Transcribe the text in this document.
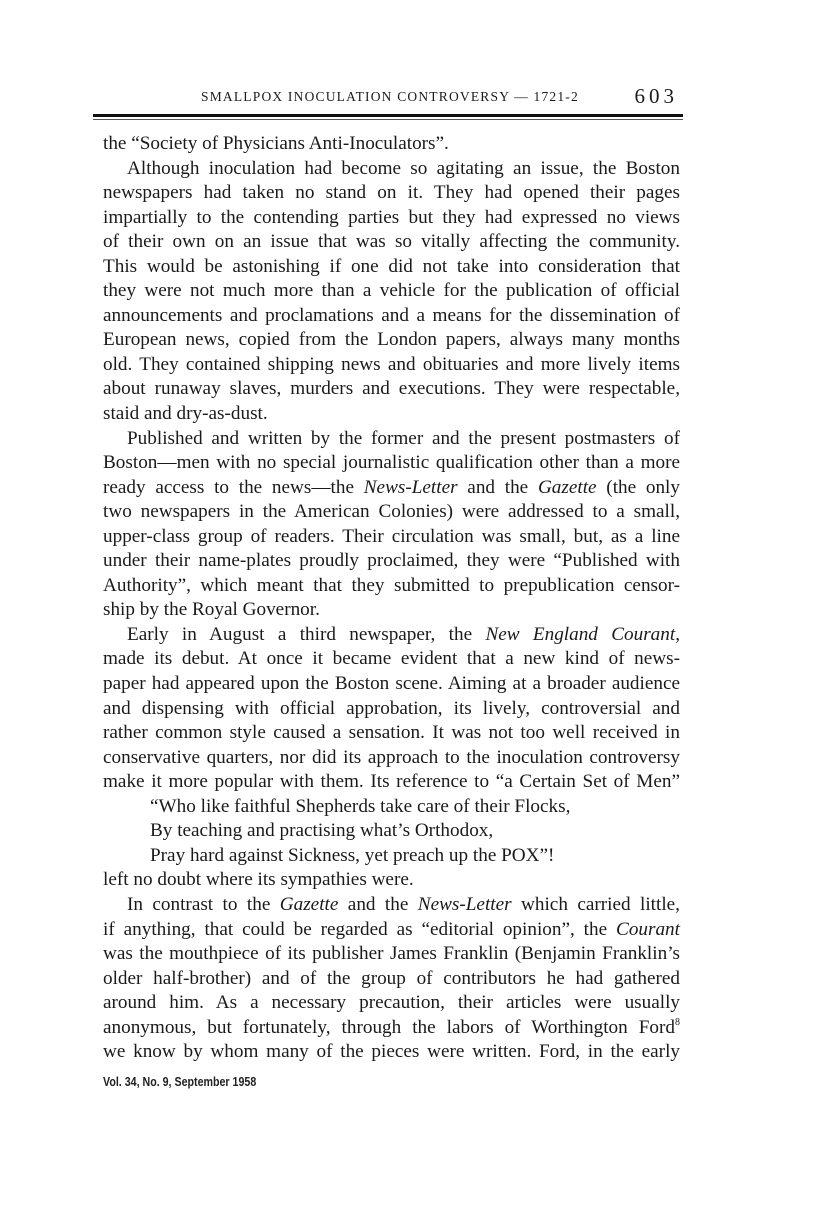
SMALLPOX INOCULATION CONTROVERSY — 1721-2	603
the “Society of Physicians Anti-Inoculators”.
Although inoculation had become so agitating an issue, the Boston
newspapers had taken no stand on it. They had opened their pages
impartially to the contending parties but they had expressed no views
of their own on an issue that was so vitally affecting the community.
This would be astonishing if one did not take into consideration that
they were not much more than a vehicle for the publication of official
announcements and proclamations and a means for the dissemination of
European news, copied from the London papers, always many months
old. They contained shipping news and obituaries and more lively items
about runaway slaves, murders and executions. They were respectable,
staid and dry-as-dust.
Published and written by the former and the present postmasters of
Boston—men with no special journalistic qualification other than a more
ready access to the news—the News-Letter and the Gazette (the only
two newspapers in the American Colonies) were addressed to a small,
upper-class group of readers. Their circulation was small, but, as a line
under their name-plates proudly proclaimed, they were “Published with
Authority”, which meant that they submitted to prepublication censor-
ship by the Royal Governor.
Early in August a third newspaper, the New England Courant,
made its debut. At once it became evident that a new kind of news-
paper had appeared upon the Boston scene. Aiming at a broader audience
and dispensing with official approbation, its lively, controversial and
rather common style caused a sensation. It was not too well received in
conservative quarters, nor did its approach to the inoculation controversy
make it more popular with them. Its reference to “a Certain Set of Men”
“Who like faithful Shepherds take care of their Flocks,
By teaching and practising what’s Orthodox,
Pray hard against Sickness, yet preach up the POX”!
left no doubt where its sympathies were.
In contrast to the Gazette and the News-Letter which carried little,
if anything, that could be regarded as “editorial opinion”, the Courant
was the mouthpiece of its publisher James Franklin (Benjamin Franklin’s
older half-brother) and of the group of contributors he had gathered
around him. As a necessary precaution, their articles were usually
anonymous, but fortunately, through the labors of Worthington Ford$^8$
we know by whom many of the pieces were written. Ford, in the early
Vol. 34, No. 9, September 1958
